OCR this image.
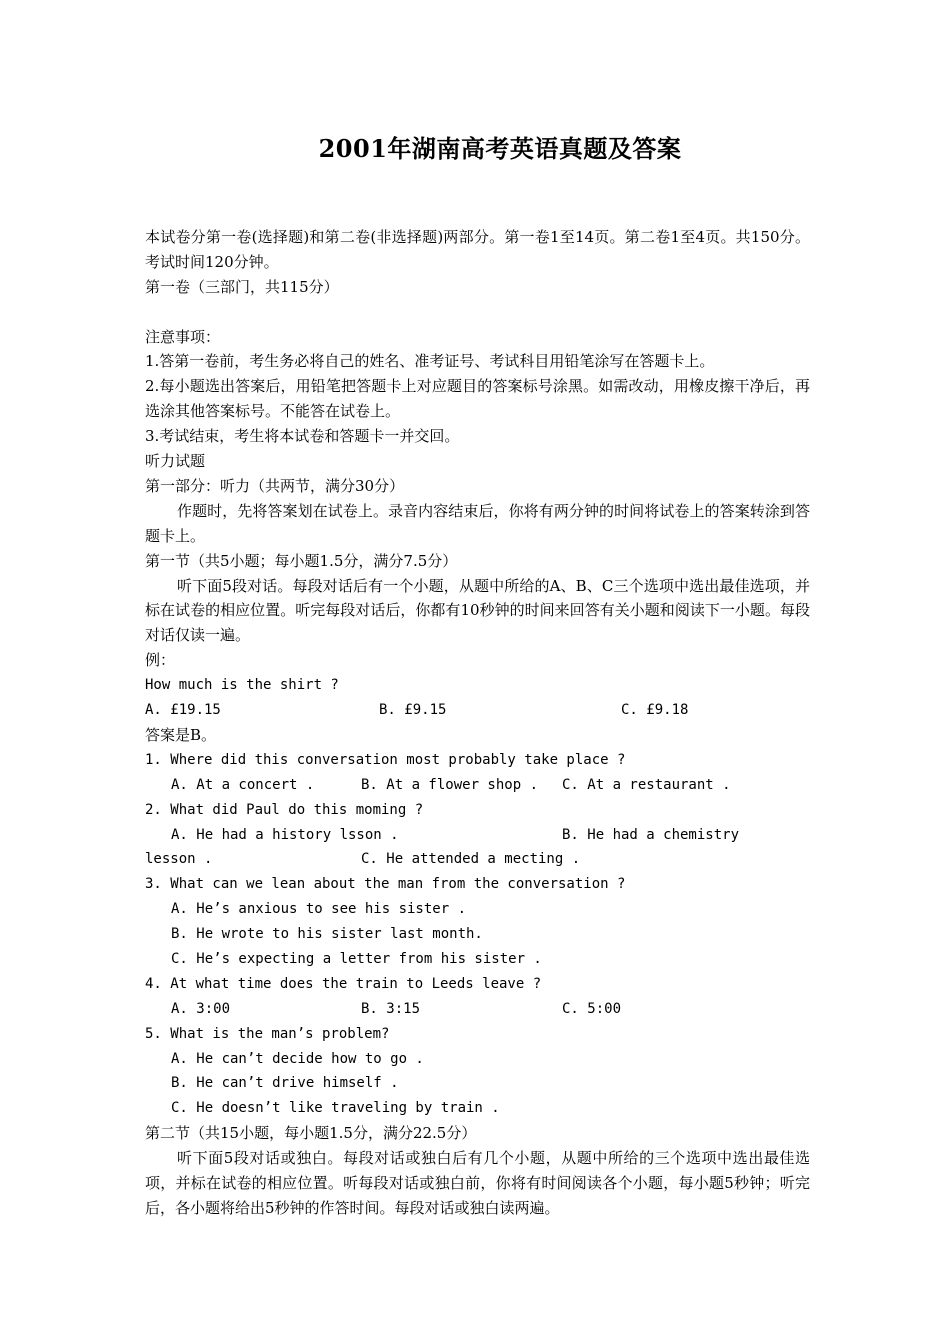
2001年湖南高考英语真题及答案
本试卷分第一卷(选择题)和第二卷(非选择题)两部分。第一卷1至14页。第二卷1至4页。共150分。考试时间120分钟。
第一卷（三部门，共115分）
注意事项：
1.答第一卷前，考生务必将自己的姓名、准考证号、考试科目用铅笔涂写在答题卡上。
2.每小题选出答案后，用铅笔把答题卡上对应题目的答案标号涂黑。如需改动，用橡皮擦干净后，再选涂其他答案标号。不能答在试卷上。
3.考试结束，考生将本试卷和答题卡一并交回。
听力试题
第一部分：听力（共两节，满分30分）
作题时，先将答案划在试卷上。录音内容结束后，你将有两分钟的时间将试卷上的答案转涂到答题卡上。
第一节（共5小题；每小题1.5分，满分7.5分）
听下面5段对话。每段对话后有一个小题，从题中所给的A、B、C三个选项中选出最佳选项，并标在试卷的相应位置。听完每段对话后，你都有10秒钟的时间来回答有关小题和阅读下一小题。每段对话仅读一遍。
例：
How much is the shirt ?
A. £19.15	B. £9.15	C. £9.18
答案是B。
1. Where did this conversation most probably take place ?
A. At a concert .	B. At a flower shop .	C. At a restaurant .
2. What did Paul do this moming ?
A. He had a history lsson .	B. He had a chemistry
lesson .	C. He attended a mecting .
3. What can we lean about the man from the conversation ?
A. He’s anxious to see his sister .
B. He wrote to his sister last month.
C. He’s expecting a letter from his sister .
4. At what time does the train to Leeds leave ?
A. 3:00	B. 3:15	C. 5:00
5. What is the man’s problem?
A. He can’t decide how to go .
B. He can’t drive himself .
C. He doesn’t like traveling by train .
第二节（共15小题，每小题1.5分，满分22.5分）
听下面5段对话或独白。每段对话或独白后有几个小题，从题中所给的三个选项中选出最佳选项，并标在试卷的相应位置。听每段对话或独白前，你将有时间阅读各个小题，每小题5秒钟；听完后，各小题将给出5秒钟的作答时间。每段对话或独白读两遍。
